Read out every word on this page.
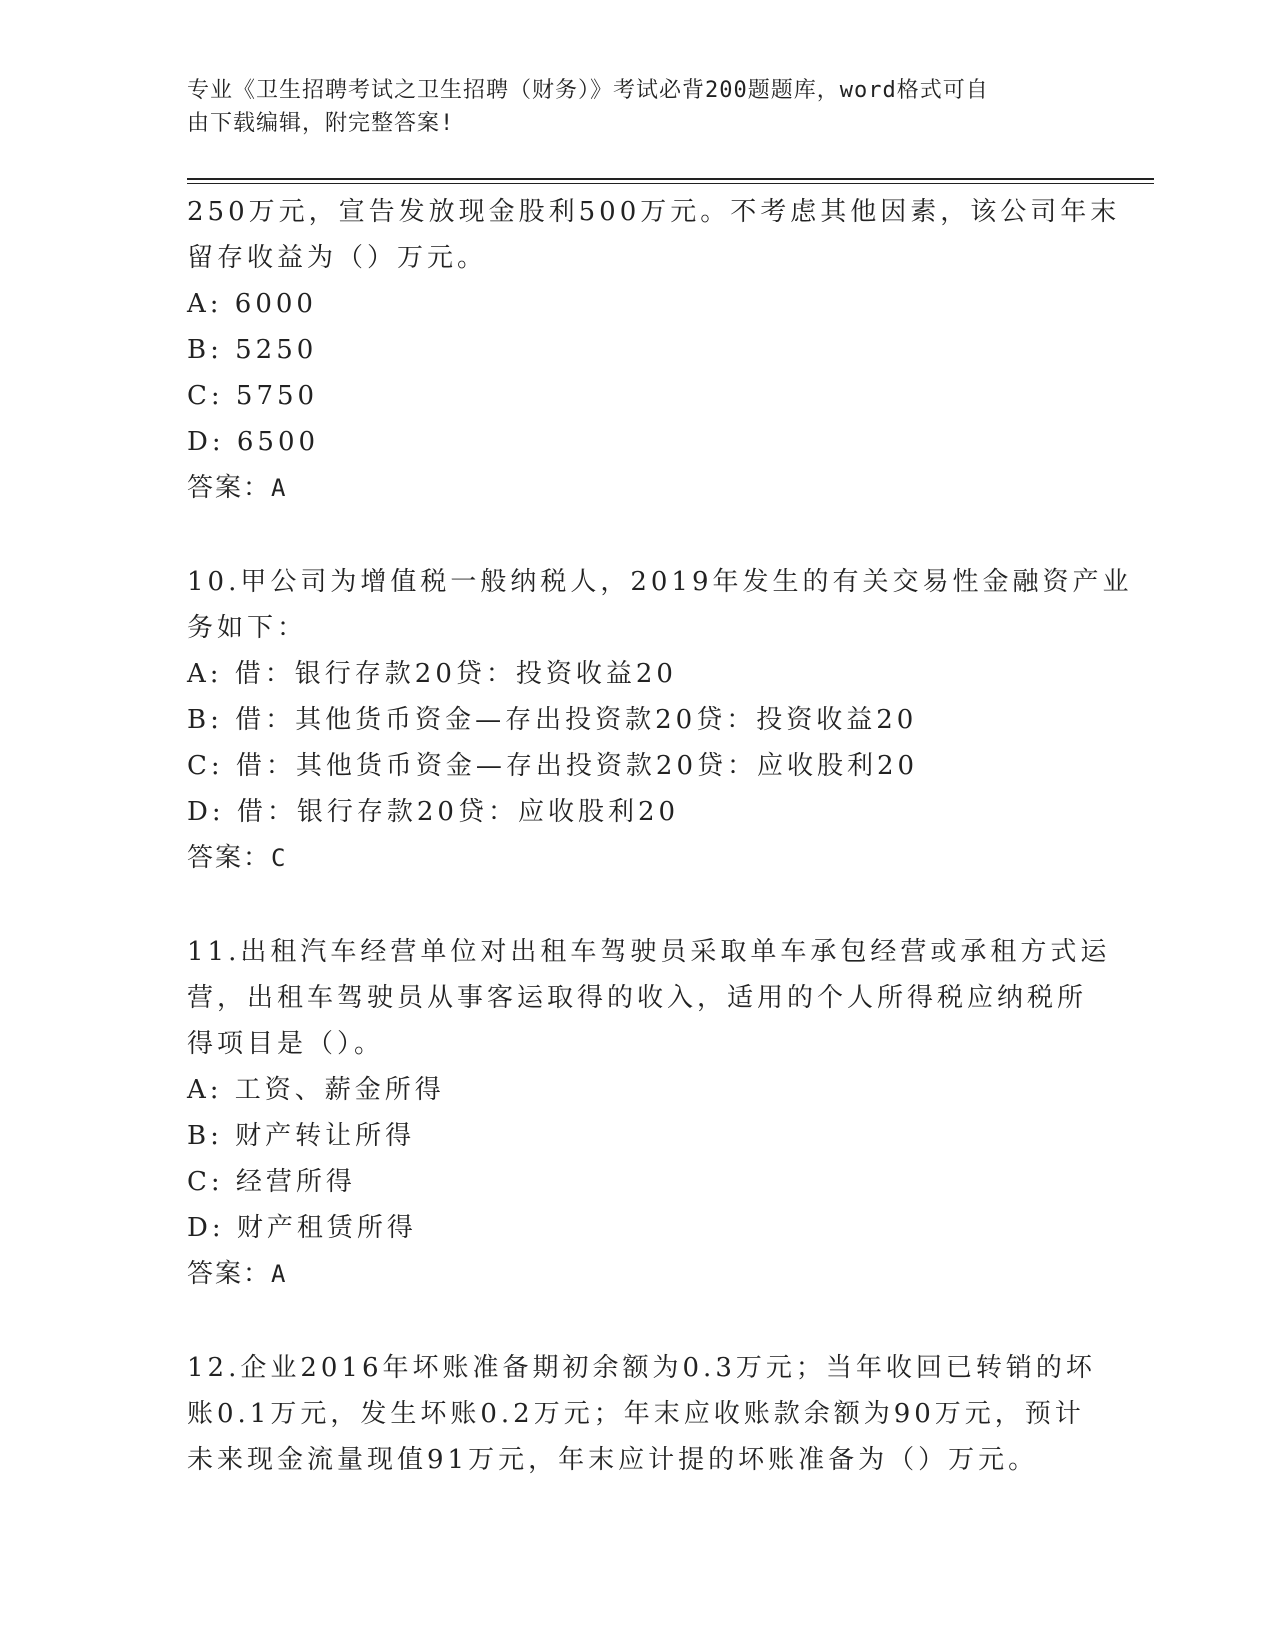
专业《卫生招聘考试之卫生招聘（财务）》考试必背200题题库，word格式可自
由下载编辑，附完整答案!
250万元，宣告发放现金股利500万元。不考虑其他因素，该公司年末
留存收益为（）万元。
A: 6000
B: 5250
C: 5750
D: 6500
答案：A
10.甲公司为增值税一般纳税人，2019年发生的有关交易性金融资产业
务如下：
A: 借：银行存款20贷：投资收益20
B: 借：其他货币资金—存出投资款20贷：投资收益20
C: 借：其他货币资金—存出投资款20贷：应收股利20
D: 借：银行存款20贷：应收股利20
答案：C
11.出租汽车经营单位对出租车驾驶员采取单车承包经营或承租方式运
营，出租车驾驶员从事客运取得的收入，适用的个人所得税应纳税所
得项目是（）。
A: 工资、薪金所得
B: 财产转让所得
C: 经营所得
D: 财产租赁所得
答案：A
12.企业2016年坏账准备期初余额为0.3万元；当年收回已转销的坏
账0.1万元，发生坏账0.2万元；年末应收账款余额为90万元，预计
未来现金流量现值91万元，年末应计提的坏账准备为（）万元。
